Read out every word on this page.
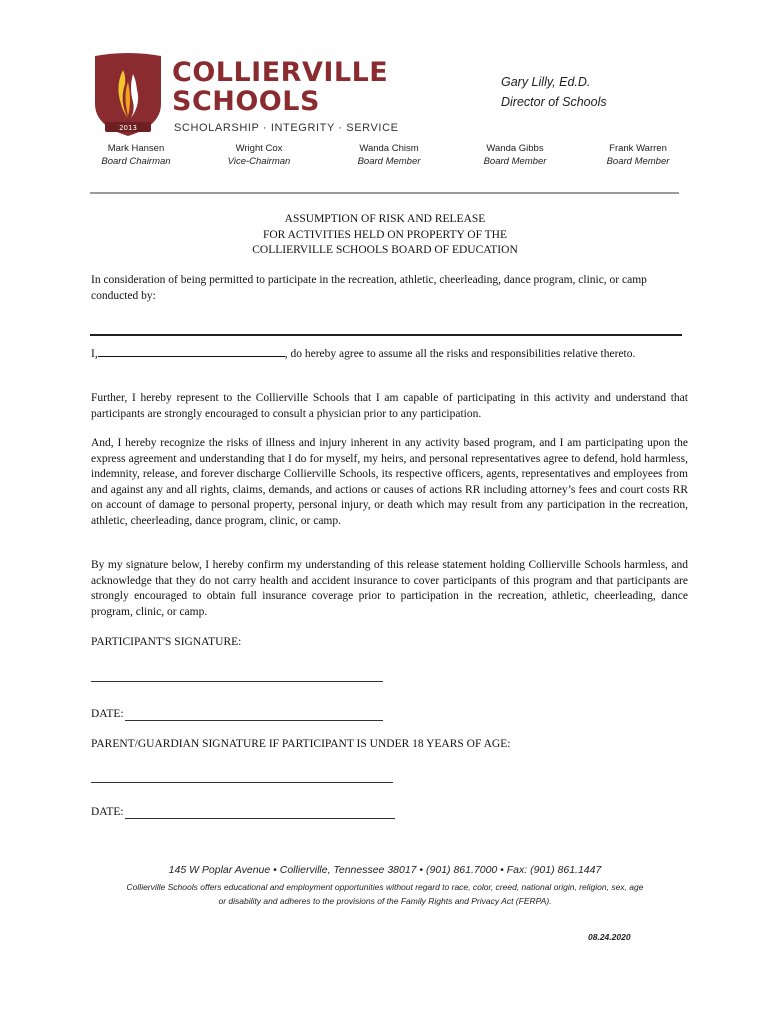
2013
COLLIERVILLE
SCHOOLS
SCHOLARSHIP · INTEGRITY · SERVICE
Gary Lilly, Ed.D.
Director of Schools
Mark Hansen
Board Chairman
Wright Cox
Vice-Chairman
Wanda Chism
Board Member
Wanda Gibbs
Board Member
Frank Warren
Board Member
ASSUMPTION OF RISK AND RELEASE
FOR ACTIVITIES HELD ON PROPERTY OF THE
COLLIERVILLE SCHOOLS BOARD OF EDUCATION
In consideration of being permitted to participate in the recreation, athletic, cheerleading, dance program, clinic, or camp conducted by:
I,	, do hereby agree to assume all the risks and responsibilities relative thereto.
Further, I hereby represent to the Collierville Schools that I am capable of participating in this activity and understand that participants are strongly encouraged to consult a physician prior to any participation.
And, I hereby recognize the risks of illness and injury inherent in any activity based program, and I am participating upon the express agreement and understanding that I do for myself, my heirs, and personal representatives agree to defend, hold harmless, indemnity, release, and forever discharge Collierville Schools, its respective officers, agents, representatives and employees from and against any and all rights, claims, demands, and actions or causes of actions RR including attorney’s fees and court costs RR on account of damage to personal property, personal injury, or death which may result from any participation in the recreation, athletic, cheerleading, dance program, clinic, or camp.
By my signature below, I hereby confirm my understanding of this release statement holding Collierville Schools harmless, and acknowledge that they do not carry health and accident insurance to cover participants of this program and that participants are strongly encouraged to obtain full insurance coverage prior to participation in the recreation, athletic, cheerleading, dance program, clinic, or camp.
PARTICIPANT'S SIGNATURE:
DATE:
PARENT/GUARDIAN SIGNATURE IF PARTICIPANT IS UNDER 18 YEARS OF AGE:
DATE:
145 W Poplar Avenue • Collierville, Tennessee 38017 • (901) 861.7000 • Fax: (901) 861.1447
Collierville Schools offers educational and employment opportunities without regard to race, color, creed, national origin, religion, sex, age
or disability and adheres to the provisions of the Family Rights and Privacy Act (FERPA).
08.24.2020
